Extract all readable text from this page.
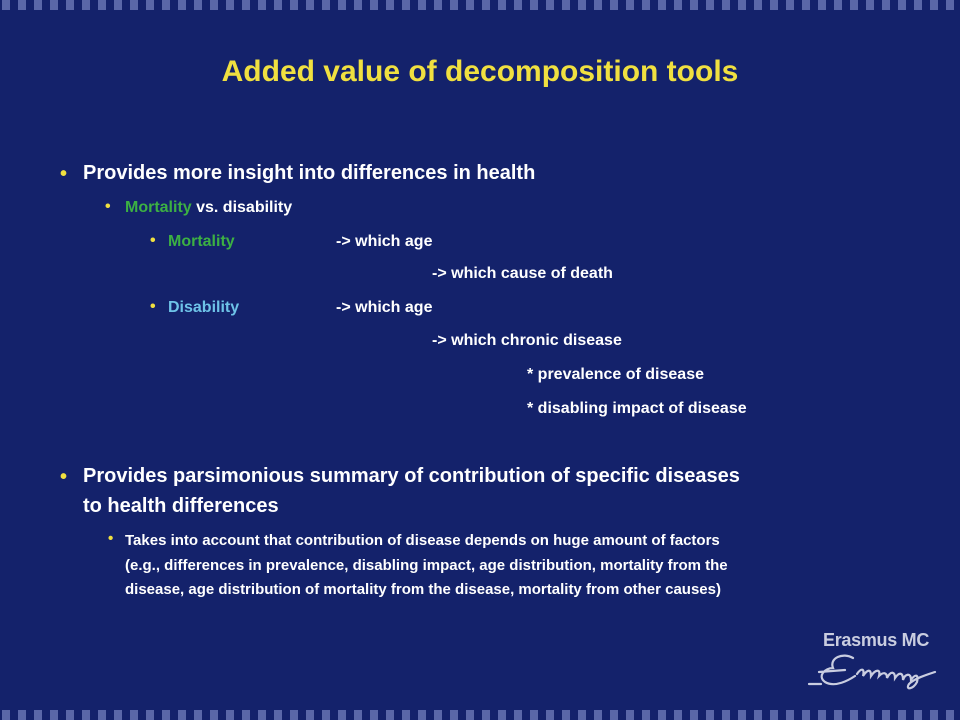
Added value of decomposition tools
• Provides more insight into differences in health
• Mortality vs. disability
• Mortality	-> which age
-> which cause of death
• Disability	-> which age
-> which chronic disease
* prevalence of disease
* disabling impact of disease
• Provides parsimonious summary of contribution of specific diseases
to health differences
• Takes into account that contribution of disease depends on huge amount of factors
(e.g., differences in prevalence, disabling impact, age distribution, mortality from the
disease, age distribution of mortality from the disease, mortality from other causes)
Erasmus MC
